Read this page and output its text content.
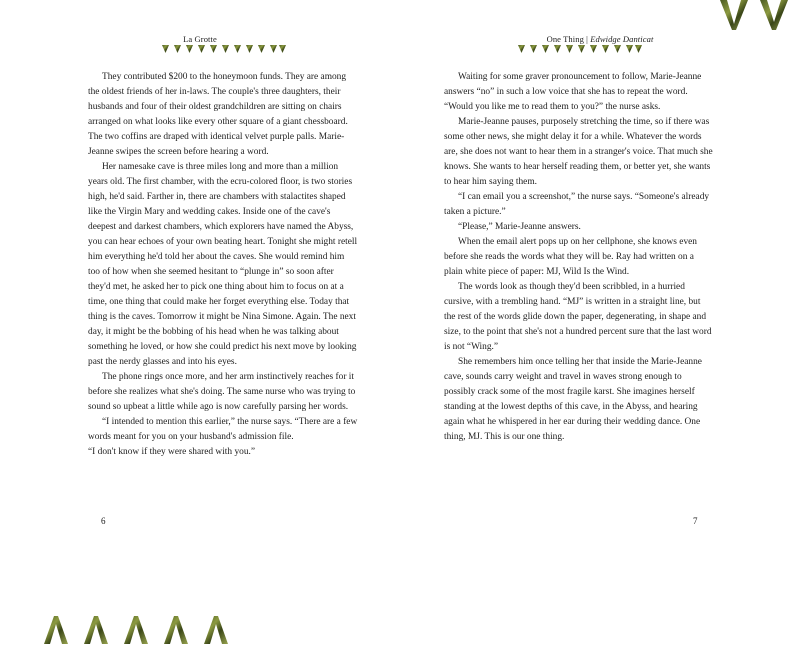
La Grotte

They contributed $200 to the honeymoon funds. They are among the oldest friends of her in-laws. The couple's three daughters, their husbands and four of their oldest grandchildren are sitting on chairs arranged on what looks like every other square of a giant chessboard. The two coffins are draped with identical velvet purple palls. Marie-Jeanne swipes the screen before hearing a word.

Her namesake cave is three miles long and more than a million years old. The first chamber, with the ecru-colored floor, is two stories high, he'd said. Farther in, there are chambers with stalactites shaped like the Virgin Mary and wedding cakes. Inside one of the cave's deepest and darkest chambers, which explorers have named the Abyss, you can hear echoes of your own beating heart. Tonight she might retell him everything he'd told her about the caves. She would remind him too of how when she seemed hesitant to “plunge in” so soon after they'd met, he asked her to pick one thing about him to focus on at a time, one thing that could make her forget everything else. Today that thing is the caves. Tomorrow it might be Nina Simone. Again. The next day, it might be the bobbing of his head when he was talking about something he loved, or how she could predict his next move by looking past the nerdy glasses and into his eyes.

The phone rings once more, and her arm instinctively reaches for it before she realizes what she's doing. The same nurse who was trying to sound so upbeat a little while ago is now carefully parsing her words.

“I intended to mention this earlier,” the nurse says. “There are a few words meant for you on your husband's admission file.

“I don't know if they were shared with you.”

6
One Thing | Edwidge Danticat

Waiting for some graver pronouncement to follow, Marie-Jeanne answers “no” in such a low voice that she has to repeat the word. “Would you like me to read them to you?” the nurse asks.

Marie-Jeanne pauses, purposely stretching the time, so if there was some other news, she might delay it for a while. Whatever the words are, she does not want to hear them in a stranger's voice. That much she knows. She wants to hear herself reading them, or better yet, she wants to hear him saying them.

“I can email you a screenshot,” the nurse says. “Someone's already taken a picture.”

“Please,” Marie-Jeanne answers.

When the email alert pops up on her cellphone, she knows even before she reads the words what they will be. Ray had written on a plain white piece of paper: MJ, Wild Is the Wind.

The words look as though they'd been scribbled, in a hurried cursive, with a trembling hand. “MJ” is written in a straight line, but the rest of the words glide down the paper, degenerating, in shape and size, to the point that she's not a hundred percent sure that the last word is not “Wing.”

She remembers him once telling her that inside the Marie-Jeanne cave, sounds carry weight and travel in waves strong enough to possibly crack some of the most fragile karst. She imagines herself standing at the lowest depths of this cave, in the Abyss, and hearing again what he whispered in her ear during their wedding dance. One thing, MJ. This is our one thing.

7
